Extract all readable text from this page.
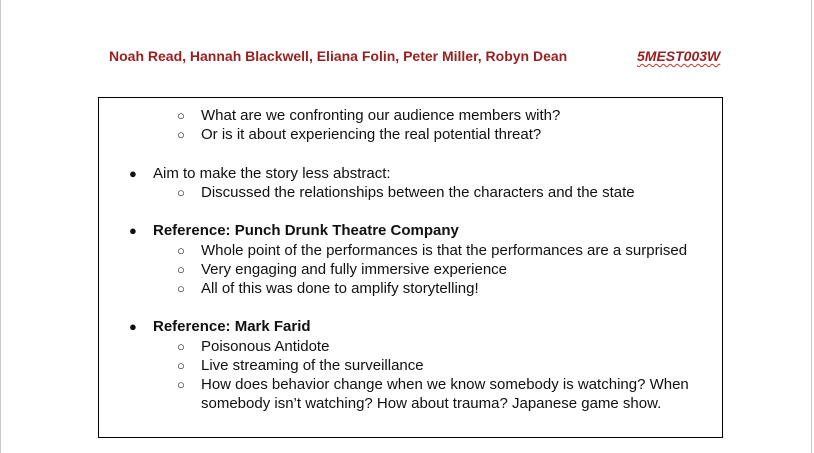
Noah Read, Hannah Blackwell, Eliana Folin, Peter Miller, Robyn Dean	5MEST003W
○ What are we confronting our audience members with?
○ Or is it about experiencing the real potential threat?
● Aim to make the story less abstract:
○ Discussed the relationships between the characters and the state
● Reference: Punch Drunk Theatre Company
○ Whole point of the performances is that the performances are a surprised
○ Very engaging and fully immersive experience
○ All of this was done to amplify storytelling!
● Reference: Mark Farid
○ Poisonous Antidote
○ Live streaming of the surveillance
○ How does behavior change when we know somebody is watching? When
somebody isn’t watching? How about trauma? Japanese game show.
